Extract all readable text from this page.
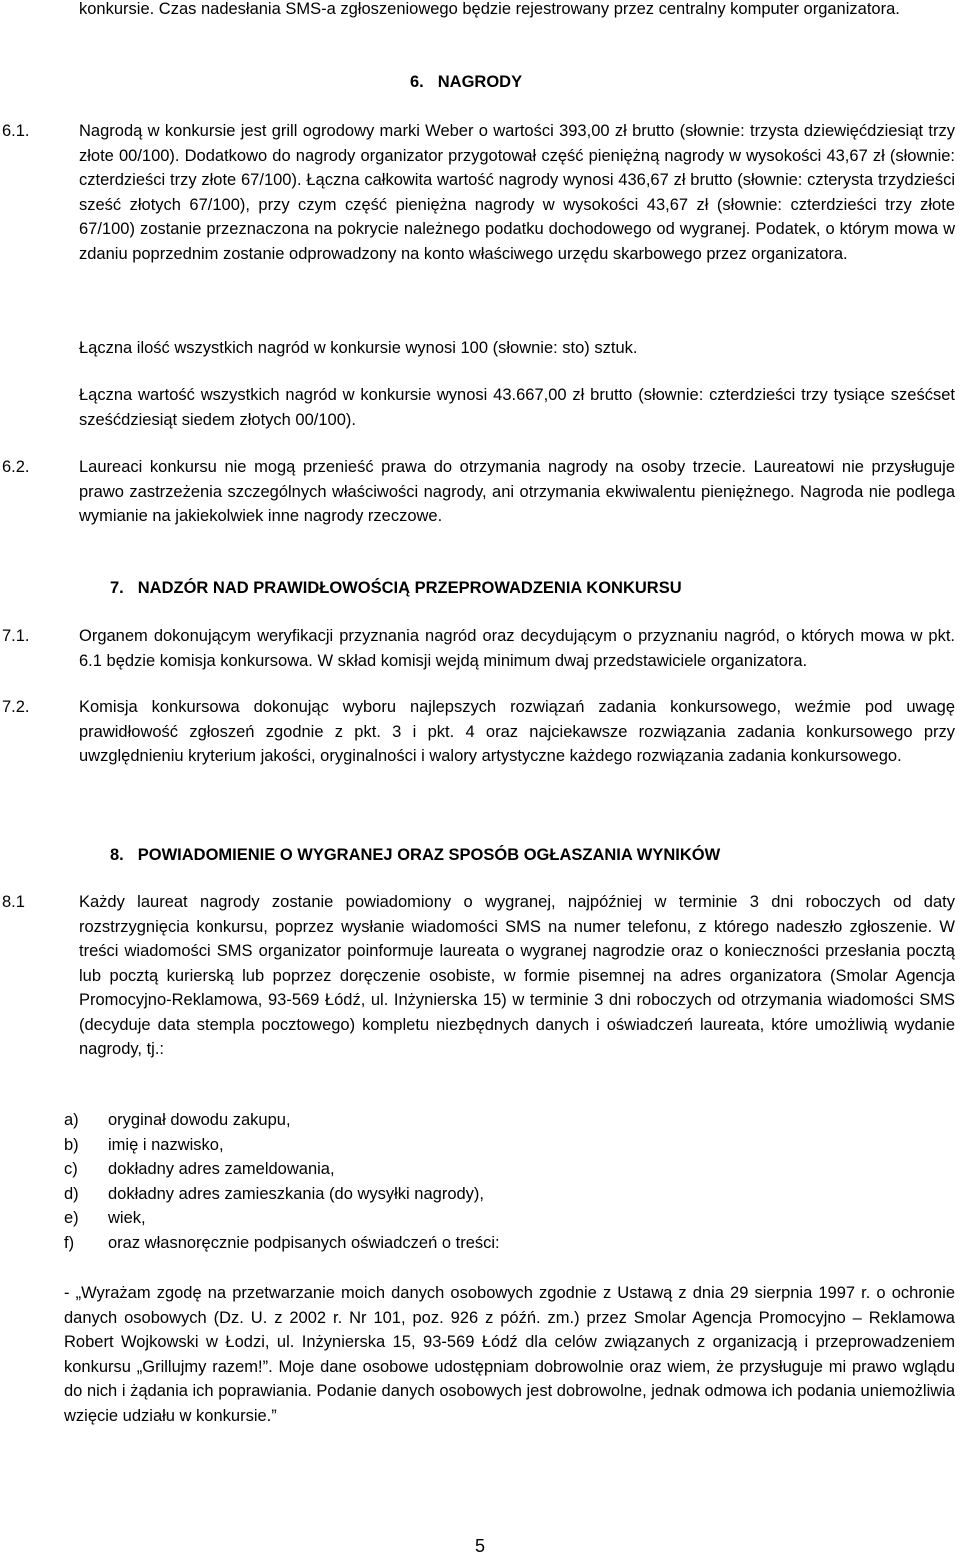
konkursie. Czas nadesłania SMS-a zgłoszeniowego będzie rejestrowany przez centralny komputer organizatora.

6. NAGRODY

6.1.	Nagrodą w konkursie jest grill ogrodowy marki Weber o wartości 393,00 zł brutto (słownie: trzysta dziewięćdziesiąt trzy złote 00/100). Dodatkowo do nagrody organizator przygotował część pieniężną nagrody w wysokości 43,67 zł (słownie: czterdzieści trzy złote 67/100). Łączna całkowita wartość nagrody wynosi 436,67 zł brutto (słownie: czterysta trzydzieści sześć złotych 67/100), przy czym część pieniężna nagrody w wysokości 43,67 zł (słownie: czterdzieści trzy złote 67/100) zostanie przeznaczona na pokrycie należnego podatku dochodowego od wygranej. Podatek, o którym mowa w zdaniu poprzednim zostanie odprowadzony na konto właściwego urzędu skarbowego przez organizatora.

Łączna ilość wszystkich nagród w konkursie wynosi 100 (słownie: sto) sztuk.

Łączna wartość wszystkich nagród w konkursie wynosi 43.667,00 zł brutto (słownie: czterdzieści trzy tysiące sześćset sześćdziesiąt siedem złotych 00/100).

6.2.	Laureaci konkursu nie mogą przenieść prawa do otrzymania nagrody na osoby trzecie. Laureatowi nie przysługuje prawo zastrzeżenia szczególnych właściwości nagrody, ani otrzymania ekwiwalentu pieniężnego. Nagroda nie podlega wymianie na jakiekolwiek inne nagrody rzeczowe.

7. NADZÓR NAD PRAWIDŁOWOŚCIĄ PRZEPROWADZENIA KONKURSU

7.1.	Organem dokonującym weryfikacji przyznania nagród oraz decydującym o przyznaniu nagród, o których mowa w pkt. 6.1 będzie komisja konkursowa. W skład komisji wejdą minimum dwaj przedstawiciele organizatora.

7.2.	Komisja konkursowa dokonując wyboru najlepszych rozwiązań zadania konkursowego, weźmie pod uwagę prawidłowość zgłoszeń zgodnie z pkt. 3 i pkt. 4 oraz najciekawsze rozwiązania zadania konkursowego przy uwzględnieniu kryterium jakości, oryginalności i walory artystyczne każdego rozwiązania zadania konkursowego.

8. POWIADOMIENIE O WYGRANEJ ORAZ SPOSÓB OGŁASZANIA WYNIKÓW

8.1	Każdy laureat nagrody zostanie powiadomiony o wygranej, najpóźniej w terminie 3 dni roboczych od daty rozstrzygnięcia konkursu, poprzez wysłanie wiadomości SMS na numer telefonu, z którego nadeszło zgłoszenie. W treści wiadomości SMS organizator poinformuje laureata o wygranej nagrodzie oraz o konieczności przesłania pocztą lub pocztą kurierską lub poprzez doręczenie osobiste, w formie pisemnej na adres organizatora (Smolar Agencja Promocyjno-Reklamowa, 93-569 Łódź, ul. Inżynierska 15) w terminie 3 dni roboczych od otrzymania wiadomości SMS (decyduje data stempla pocztowego) kompletu niezbędnych danych i oświadczeń laureata, które umożliwią wydanie nagrody, tj.:

a) oryginał dowodu zakupu,
b) imię i nazwisko,
c) dokładny adres zameldowania,
d) dokładny adres zamieszkania (do wysyłki nagrody),
e) wiek,
f) oraz własnoręcznie podpisanych oświadczeń o treści:

- „Wyrażam zgodę na przetwarzanie moich danych osobowych zgodnie z Ustawą z dnia 29 sierpnia 1997 r. o ochronie danych osobowych (Dz. U. z 2002 r. Nr 101, poz. 926 z późń. zm.) przez Smolar Agencja Promocyjno – Reklamowa Robert Wojkowski w Łodzi, ul. Inżynierska 15, 93-569 Łódź dla celów związanych z organizacją i przeprowadzeniem konkursu „Grillujmy razem!”. Moje dane osobowe udostępniam dobrowolnie oraz wiem, że przysługuje mi prawo wglądu do nich i żądania ich poprawiania. Podanie danych osobowych jest dobrowolne, jednak odmowa ich podania uniemożliwia wzięcie udziału w konkursie.”

5
